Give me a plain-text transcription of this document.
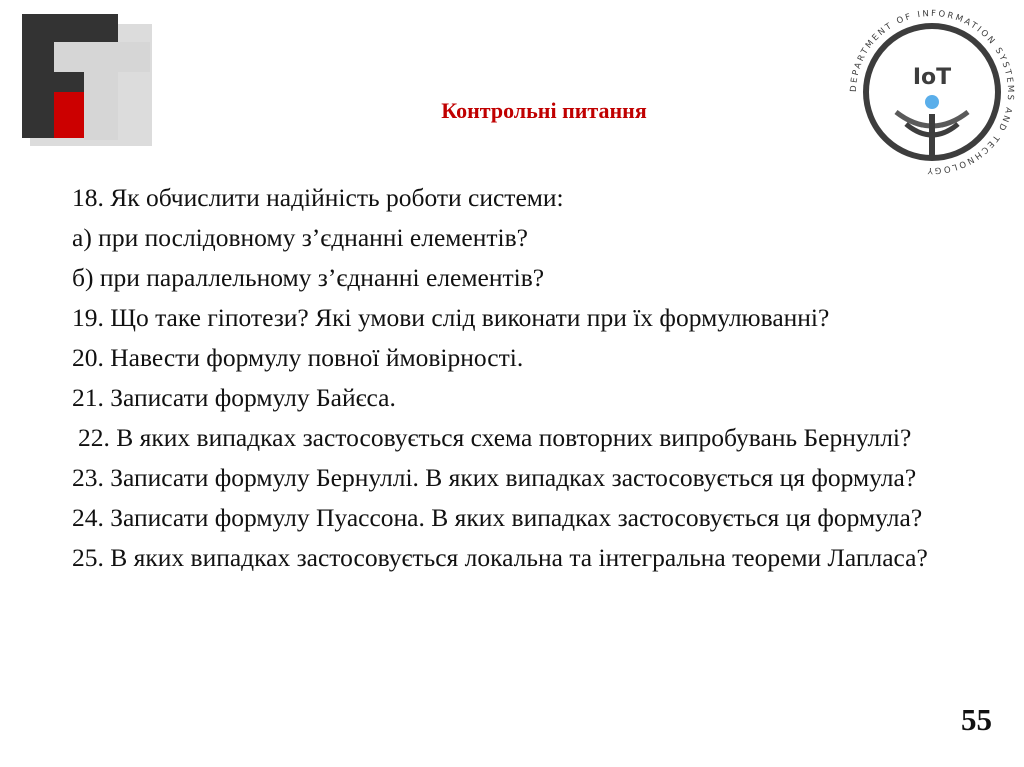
DEPARTMENT OF INFORMATION SYSTEMS AND TECHNOLOGY
IoT
Контрольні питання
18. Як обчислити надійність роботи системи:
а) при послідовному з’єднанні елементів?
б) при параллельному з’єднанні елементів?
19. Що таке гіпотези? Які умови слід виконати при їх формулюванні?
20. Навести формулу повної ймовірності.
21. Записати формулу Байєса.
22. В яких випадках застосовується схема повторних випробувань Бернуллі?
23. Записати формулу Бернуллі. В яких випадках застосовується ця формула?
24. Записати формулу Пуассона. В яких випадках застосовується ця формула?
25. В яких випадках застосовується локальна та інтегральна теореми Лапласа?
55
